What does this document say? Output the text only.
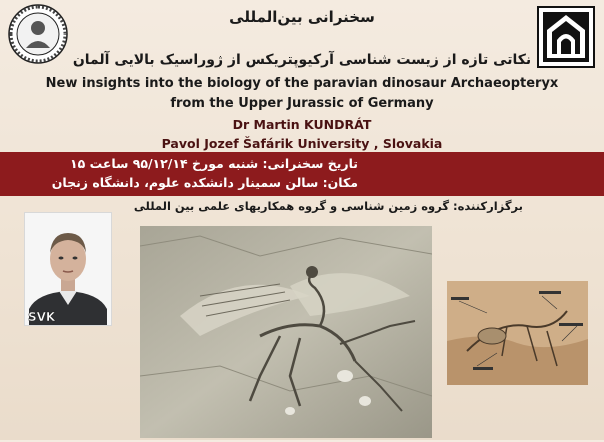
سخنرانی بین‌المللی
نکاتی تازه از زیست شناسی آرکیوپتریکس از ژوراسیک بالایی آلمان
New insights into the biology of the paravian dinosaur Archaeopteryx
from the Upper Jurassic of Germany
Dr Martin KUNDRÁT
Pavol Jozef Šafárik University , Slovakia
تاریخ سخنرانی: شنبه مورخ ۹۵/۱۲/۱۴ ساعت ۱۵
مکان: سالن سمینار دانشکده علوم، دانشگاه زنجان
برگزارکننده: گروه زمین شناسی و گروه همکاریهای علمی بین المللی
SVK
